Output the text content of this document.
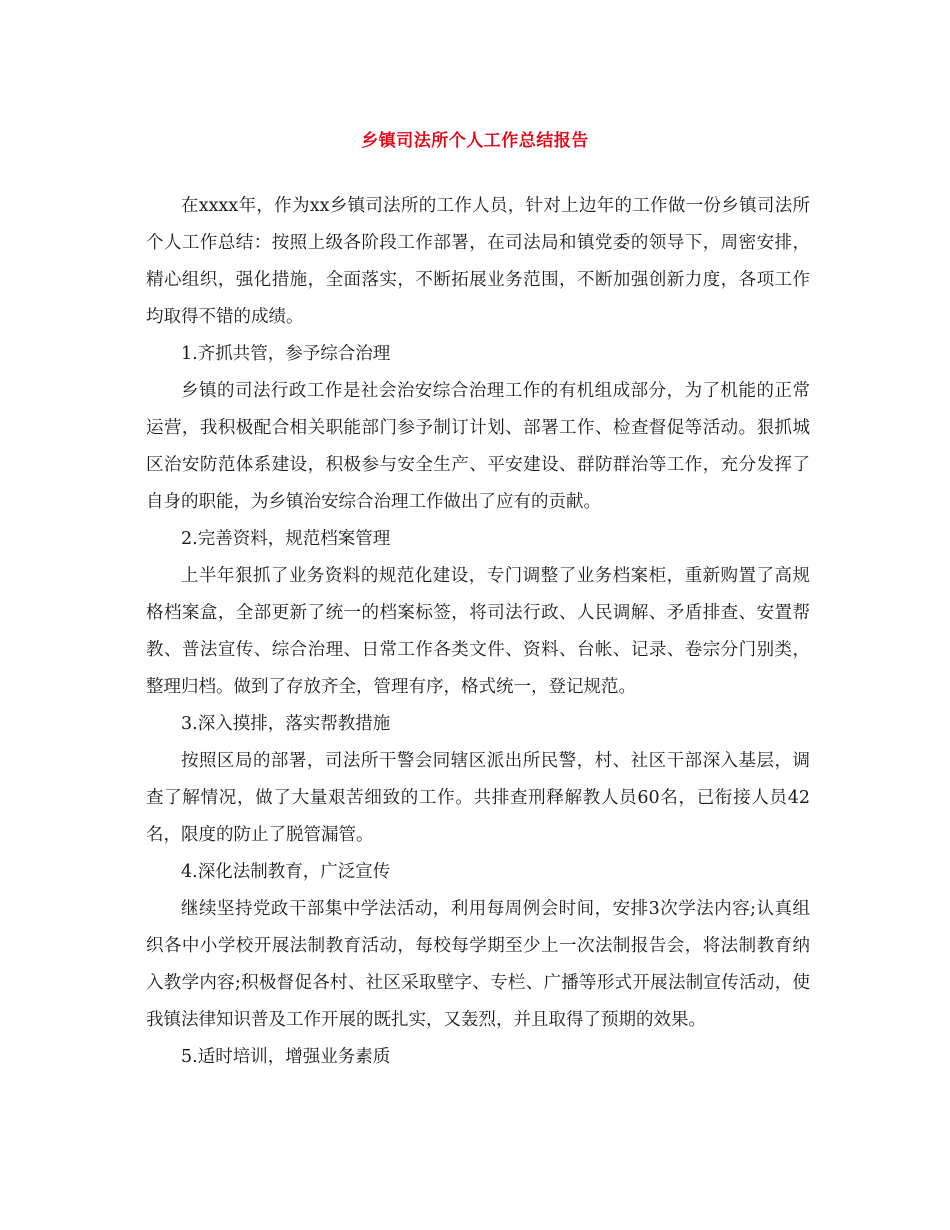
乡镇司法所个人工作总结报告

在xxxx年，作为xx乡镇司法所的工作人员，针对上边年的工作做一份乡镇司法所个人工作总结：按照上级各阶段工作部署，在司法局和镇党委的领导下，周密安排，精心组织，强化措施，全面落实，不断拓展业务范围，不断加强创新力度，各项工作均取得不错的成绩。

1.齐抓共管，参予综合治理

乡镇的司法行政工作是社会治安综合治理工作的有机组成部分，为了机能的正常运营，我积极配合相关职能部门参予制订计划、部署工作、检查督促等活动。狠抓城区治安防范体系建设，积极参与安全生产、平安建设、群防群治等工作，充分发挥了自身的职能，为乡镇治安综合治理工作做出了应有的贡献。

2.完善资料，规范档案管理

上半年狠抓了业务资料的规范化建设，专门调整了业务档案柜，重新购置了高规格档案盒，全部更新了统一的档案标签，将司法行政、人民调解、矛盾排查、安置帮教、普法宣传、综合治理、日常工作各类文件、资料、台帐、记录、卷宗分门别类，整理归档。做到了存放齐全，管理有序，格式统一，登记规范。

3.深入摸排，落实帮教措施

按照区局的部署，司法所干警会同辖区派出所民警，村、社区干部深入基层，调查了解情况，做了大量艰苦细致的工作。共排查刑释解教人员60名，已衔接人员42名，限度的防止了脱管漏管。

4.深化法制教育，广泛宣传

继续坚持党政干部集中学法活动，利用每周例会时间，安排3次学法内容;认真组织各中小学校开展法制教育活动，每校每学期至少上一次法制报告会，将法制教育纳入教学内容;积极督促各村、社区采取壁字、专栏、广播等形式开展法制宣传活动，使我镇法律知识普及工作开展的既扎实，又轰烈，并且取得了预期的效果。

5.适时培训，增强业务素质
